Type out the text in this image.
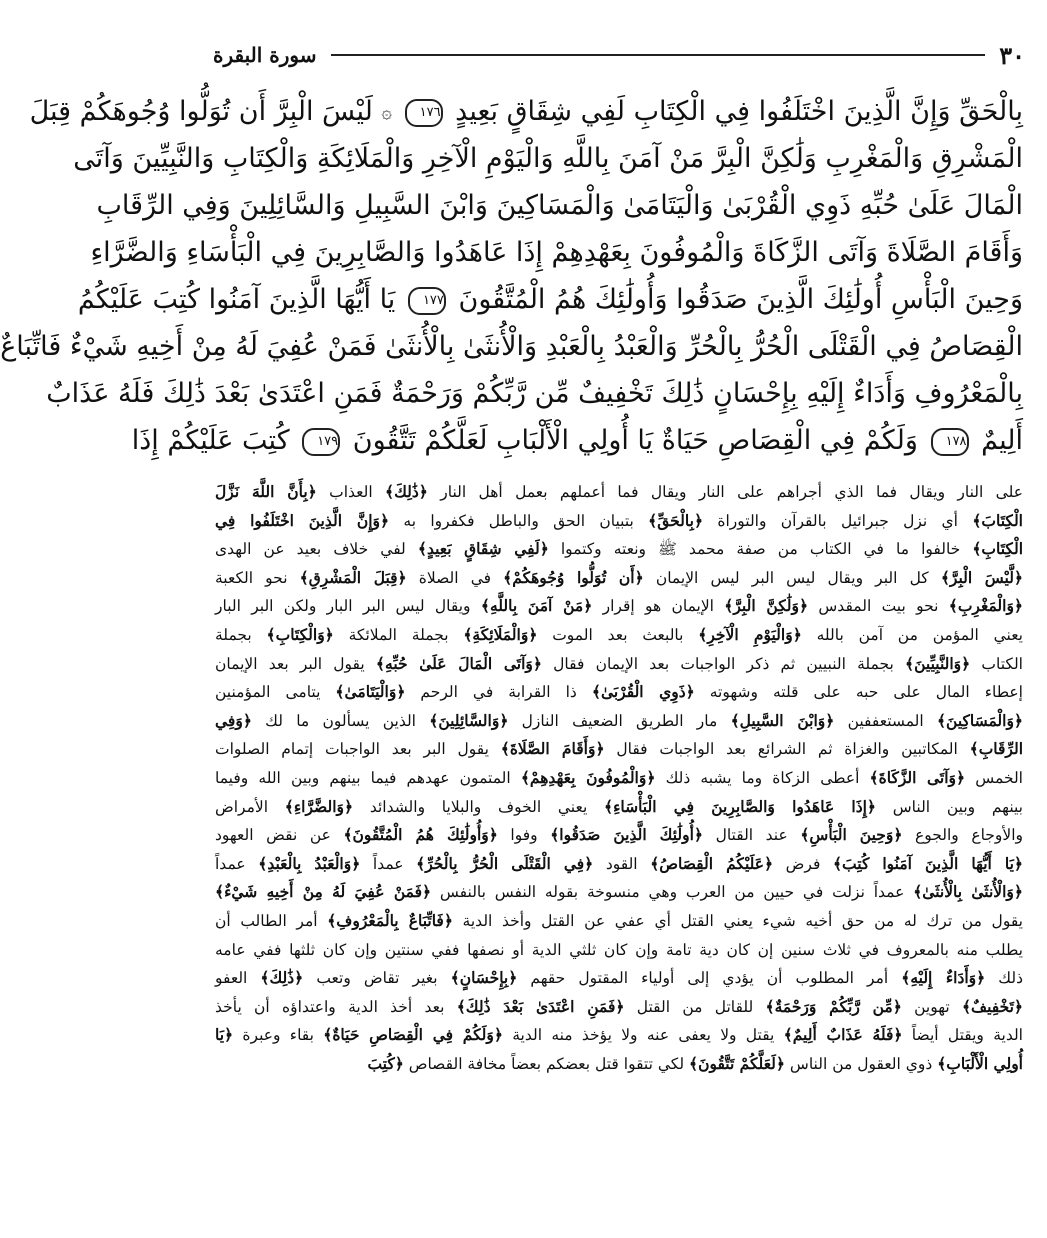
٣٠
سورة البقرة
بِالْحَقِّ وَإِنَّ الَّذِينَ اخْتَلَفُوا فِي الْكِتَابِ لَفِي شِقَاقٍ بَعِيدٍ ١٧٦ ۞ لَيْسَ الْبِرَّ أَن تُوَلُّوا وُجُوهَكُمْ قِبَلَ
الْمَشْرِقِ وَالْمَغْرِبِ وَلَٰكِنَّ الْبِرَّ مَنْ آمَنَ بِاللَّهِ وَالْيَوْمِ الْآخِرِ وَالْمَلَائِكَةِ وَالْكِتَابِ وَالنَّبِيِّينَ وَآتَى
الْمَالَ عَلَىٰ حُبِّهِ ذَوِي الْقُرْبَىٰ وَالْيَتَامَىٰ وَالْمَسَاكِينَ وَابْنَ السَّبِيلِ وَالسَّائِلِينَ وَفِي الرِّقَابِ
وَأَقَامَ الصَّلَاةَ وَآتَى الزَّكَاةَ وَالْمُوفُونَ بِعَهْدِهِمْ إِذَا عَاهَدُوا وَالصَّابِرِينَ فِي الْبَأْسَاءِ وَالضَّرَّاءِ
وَحِينَ الْبَأْسِ أُولَٰئِكَ الَّذِينَ صَدَقُوا وَأُولَٰئِكَ هُمُ الْمُتَّقُونَ ١٧٧ يَا أَيُّهَا الَّذِينَ آمَنُوا كُتِبَ عَلَيْكُمُ
الْقِصَاصُ فِي الْقَتْلَى الْحُرُّ بِالْحُرِّ وَالْعَبْدُ بِالْعَبْدِ وَالْأُنثَىٰ بِالْأُنثَىٰ فَمَنْ عُفِيَ لَهُ مِنْ أَخِيهِ شَيْءٌ فَاتِّبَاعٌ
بِالْمَعْرُوفِ وَأَدَاءٌ إِلَيْهِ بِإِحْسَانٍ ذَٰلِكَ تَخْفِيفٌ مِّن رَّبِّكُمْ وَرَحْمَةٌ فَمَنِ اعْتَدَىٰ بَعْدَ ذَٰلِكَ فَلَهُ عَذَابٌ
أَلِيمٌ ١٧٨ وَلَكُمْ فِي الْقِصَاصِ حَيَاةٌ يَا أُولِي الْأَلْبَابِ لَعَلَّكُمْ تَتَّقُونَ ١٧٩ كُتِبَ عَلَيْكُمْ إِذَا
على النار ويقال فما الذي أجراهم على النار ويقال فما أعملهم بعمل أهل النار ﴿ذَٰلِكَ﴾ العذاب ﴿بِأَنَّ اللَّهَ نَزَّلَ
الْكِتَابَ﴾ أي نزل جبرائيل بالقرآن والتوراة ﴿بِالْحَقِّ﴾ بتبيان الحق والباطل فكفروا به ﴿وَإِنَّ الَّذِينَ اخْتَلَفُوا فِي
الْكِتَابِ﴾ خالفوا ما في الكتاب من صفة محمد ﷺ ونعته وكتموا ﴿لَفِي شِقَاقٍ بَعِيدٍ﴾ لفي خلاف بعيد عن الهدى
﴿لَّيْسَ الْبِرَّ﴾ كل البر ويقال ليس البر ليس الإيمان ﴿أَن تُوَلُّوا وُجُوهَكُمْ﴾ في الصلاة ﴿قِبَلَ الْمَشْرِقِ﴾ نحو الكعبة
﴿وَالْمَغْرِبِ﴾ نحو بيت المقدس ﴿وَلَٰكِنَّ الْبِرَّ﴾ الإيمان هو إقرار ﴿مَنْ آمَنَ بِاللَّهِ﴾ ويقال ليس البر البار ولكن البر البار
يعني المؤمن من آمن بالله ﴿وَالْيَوْمِ الْآخِرِ﴾ بالبعث بعد الموت ﴿وَالْمَلَائِكَةِ﴾ بجملة الملائكة ﴿وَالْكِتَابِ﴾ بجملة
الكتاب ﴿وَالنَّبِيِّينَ﴾ بجملة النبيين ثم ذكر الواجبات بعد الإيمان فقال ﴿وَآتَى الْمَالَ عَلَىٰ حُبِّهِ﴾ يقول البر بعد الإيمان
إعطاء المال على حبه على قلته وشهوته ﴿ذَوِي الْقُرْبَىٰ﴾ ذا القرابة في الرحم ﴿وَالْيَتَامَىٰ﴾ يتامى المؤمنين
﴿وَالْمَسَاكِينَ﴾ المستعففين ﴿وَابْنَ السَّبِيلِ﴾ مار الطريق الضعيف النازل ﴿وَالسَّائِلِينَ﴾ الذين يسألون ما لك ﴿وَفِي
الرِّقَابِ﴾ المكاتبين والغزاة ثم الشرائع بعد الواجبات فقال ﴿وَأَقَامَ الصَّلَاةَ﴾ يقول البر بعد الواجبات إتمام الصلوات
الخمس ﴿وَآتَى الزَّكَاةَ﴾ أعطى الزكاة وما يشبه ذلك ﴿وَالْمُوفُونَ بِعَهْدِهِمْ﴾ المتمون عهدهم فيما بينهم وبين الله وفيما
بينهم وبين الناس ﴿إِذَا عَاهَدُوا وَالصَّابِرِينَ فِي الْبَأْسَاءِ﴾ يعني الخوف والبلايا والشدائد ﴿وَالضَّرَّاءِ﴾ الأمراض
والأوجاع والجوع ﴿وَحِينَ الْبَأْسِ﴾ عند القتال ﴿أُولَٰئِكَ الَّذِينَ صَدَقُوا﴾ وفوا ﴿وَأُولَٰئِكَ هُمُ الْمُتَّقُونَ﴾ عن نقض العهود
﴿يَا أَيُّهَا الَّذِينَ آمَنُوا كُتِبَ﴾ فرض ﴿عَلَيْكُمُ الْقِصَاصُ﴾ القود ﴿فِي الْقَتْلَى الْحُرُّ بِالْحُرِّ﴾ عمداً ﴿وَالْعَبْدُ بِالْعَبْدِ﴾ عمداً
﴿وَالْأُنثَىٰ بِالْأُنثَىٰ﴾ عمداً نزلت في حيين من العرب وهي منسوخة بقوله النفس بالنفس ﴿فَمَنْ عُفِيَ لَهُ مِنْ أَخِيهِ شَيْءٌ﴾
يقول من ترك له من حق أخيه شيء يعني القتل أي عفي عن القتل وأخذ الدية ﴿فَاتِّبَاعٌ بِالْمَعْرُوفِ﴾ أمر الطالب أن
يطلب منه بالمعروف في ثلاث سنين إن كان دية تامة وإن كان ثلثي الدية أو نصفها ففي سنتين وإن كان ثلثها ففي عامه
ذلك ﴿وَأَدَاءٌ إِلَيْهِ﴾ أمر المطلوب أن يؤدي إلى أولياء المقتول حقهم ﴿بِإِحْسَانٍ﴾ بغير تقاض وتعب ﴿ذَٰلِكَ﴾ العفو
﴿تَخْفِيفٌ﴾ تهوين ﴿مِّن رَّبِّكُمْ وَرَحْمَةٌ﴾ للقاتل من القتل ﴿فَمَنِ اعْتَدَىٰ بَعْدَ ذَٰلِكَ﴾ بعد أخذ الدية واعتداؤه أن يأخذ
الدية ويقتل أيضاً ﴿فَلَهُ عَذَابٌ أَلِيمٌ﴾ يقتل ولا يعفى عنه ولا يؤخذ منه الدية ﴿وَلَكُمْ فِي الْقِصَاصِ حَيَاةٌ﴾ بقاء وعبرة ﴿يَا
أُولِي الْأَلْبَابِ﴾ ذوي العقول من الناس ﴿لَعَلَّكُمْ تَتَّقُونَ﴾ لكي تتقوا قتل بعضكم بعضاً مخافة القصاص ﴿كُتِبَ
